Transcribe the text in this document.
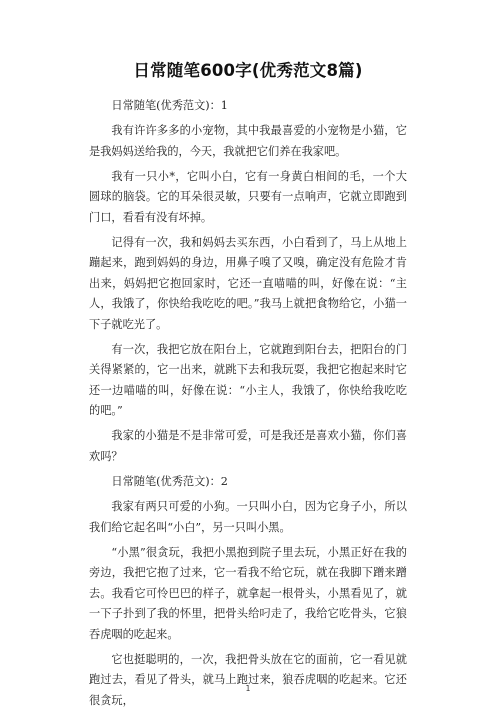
日常随笔600字(优秀范文8篇)

日常随笔(优秀范文)：1

我有许许多多的小宠物，其中我最喜爱的小宠物是小猫，它是我妈妈送给我的，今天，我就把它们养在我家吧。

我有一只小*，它叫小白，它有一身黄白相间的毛，一个大圆球的脑袋。它的耳朵很灵敏，只要有一点响声，它就立即跑到门口，看看有没有坏掉。

记得有一次，我和妈妈去买东西，小白看到了，马上从地上蹦起来，跑到妈妈的身边，用鼻子嗅了又嗅，确定没有危险才肯出来，妈妈把它抱回家时，它还一直喵喵的叫，好像在说：“主人，我饿了，你快给我吃吃的吧。”我马上就把食物给它，小猫一下子就吃光了。

有一次，我把它放在阳台上，它就跑到阳台去，把阳台的门关得紧紧的，它一出来，就跳下去和我玩耍，我把它抱起来时它还一边喵喵的叫，好像在说：“小主人，我饿了，你快给我吃吃的吧。”

我家的小猫是不是非常可爱，可是我还是喜欢小猫，你们喜欢吗？

日常随笔(优秀范文)：2

我家有两只可爱的小狗。一只叫小白，因为它身子小，所以我们给它起名叫“小白”，另一只叫小黑。

“小黑”很贪玩，我把小黑抱到院子里去玩，小黑正好在我的旁边，我把它抱了过来，它一看我不给它玩，就在我脚下蹭来蹭去。我看它可怜巴巴的样子，就拿起一根骨头，小黑看见了，就一下子扑到了我的怀里，把骨头给叼走了，我给它吃骨头，它狼吞虎咽的吃起来。

它也挺聪明的，一次，我把骨头放在它的面前，它一看见就跑过去，看见了骨头，就马上跑过来，狼吞虎咽的吃起来。它还很贪玩，

1
